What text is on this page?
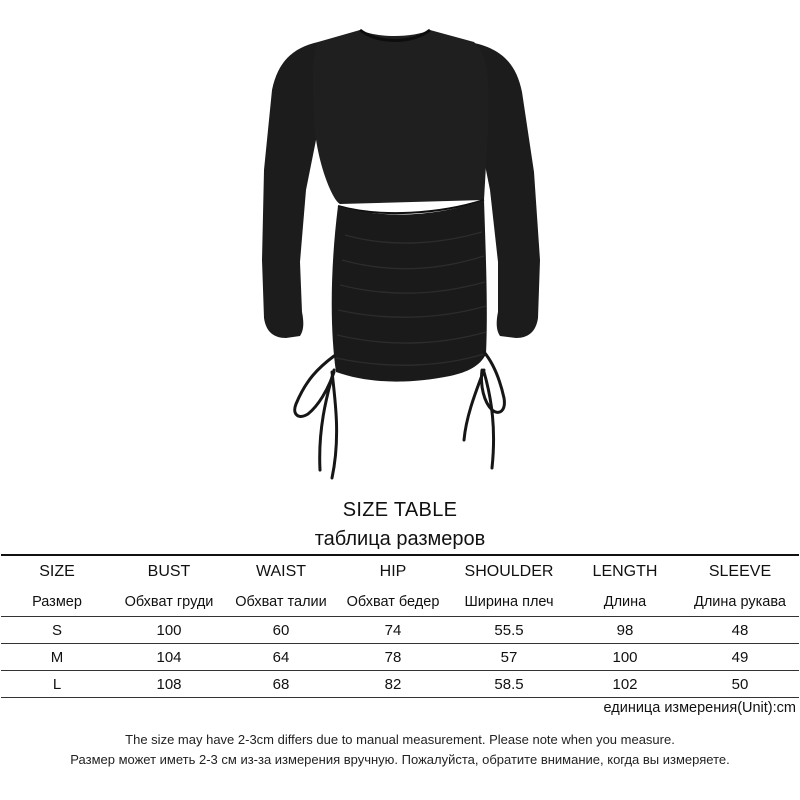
SIZE TABLE
таблица размеров
SIZE	BUST	WAIST	HIP	SHOULDER	LENGTH	SLEEVE
Размер	Обхват груди	Обхват талии	Обхват бедер	Ширина плеч	Длина	Длина рукава
S	100	60	74	55.5	98	48
M	104	64	78	57	100	49
L	108	68	82	58.5	102	50
единица измерения(Unit):cm
The size may have 2-3cm differs due to manual measurement. Please note when you measure.
Размер может иметь 2-3 см из-за измерения вручную. Пожалуйста, обратите внимание, когда вы измеряете.
